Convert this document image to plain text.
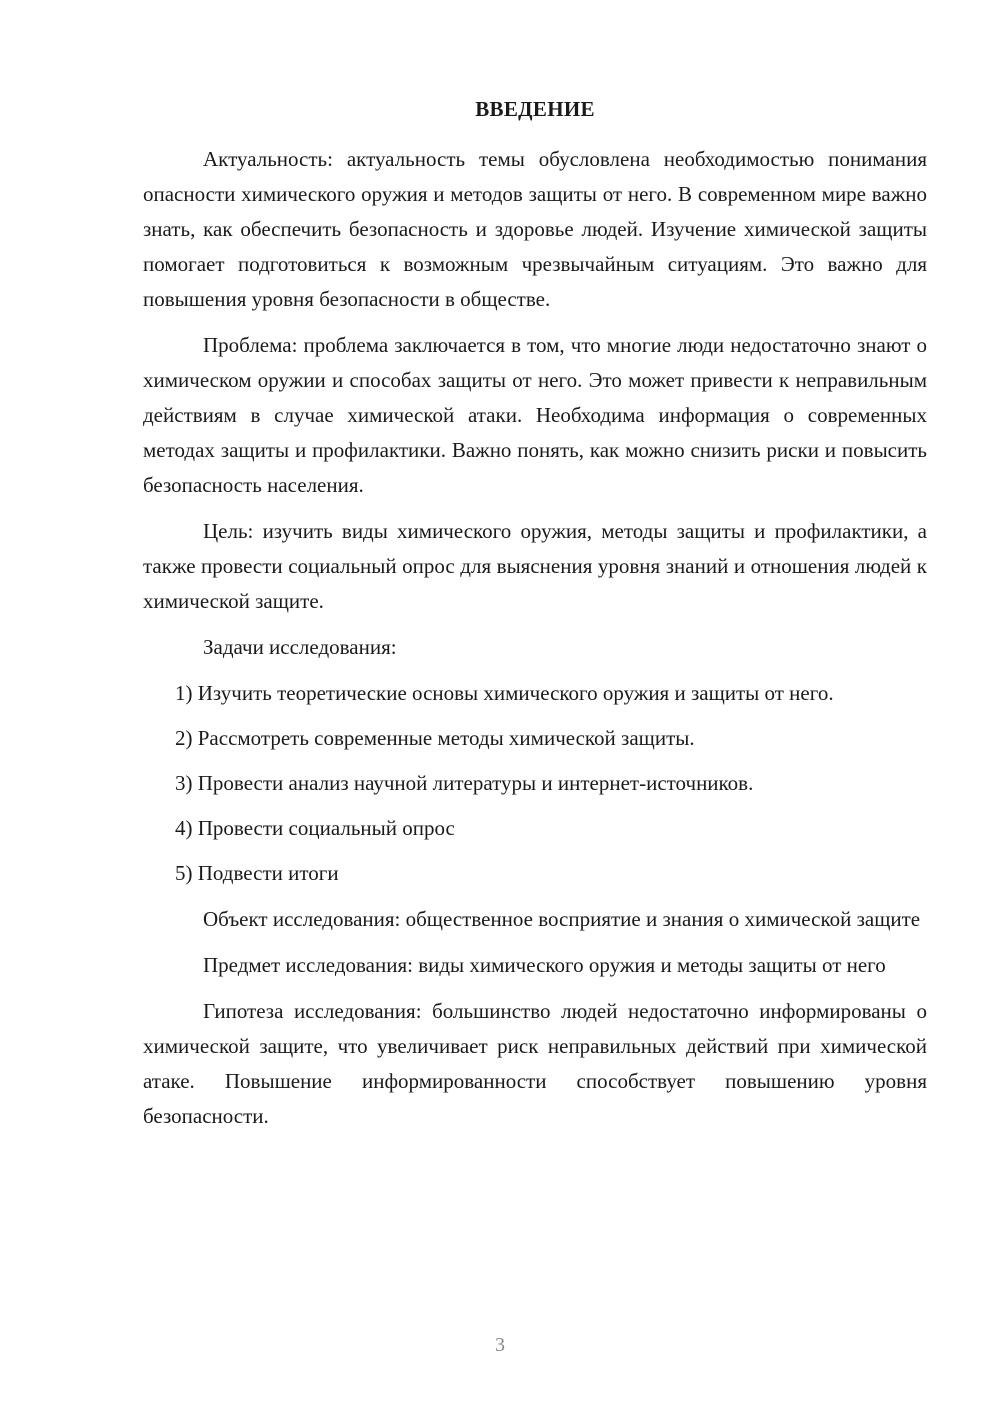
ВВЕДЕНИЕ

Актуальность: актуальность темы обусловлена необходимостью понимания опасности химического оружия и методов защиты от него. В современном мире важно знать, как обеспечить безопасность и здоровье людей. Изучение химической защиты помогает подготовиться к возможным чрезвычайным ситуациям. Это важно для повышения уровня безопасности в обществе.

Проблема: проблема заключается в том, что многие люди недостаточно знают о химическом оружии и способах защиты от него. Это может привести к неправильным действиям в случае химической атаки. Необходима информация о современных методах защиты и профилактики. Важно понять, как можно снизить риски и повысить безопасность населения.

Цель: изучить виды химического оружия, методы защиты и профилактики, а также провести социальный опрос для выяснения уровня знаний и отношения людей к химической защите.

Задачи исследования:

1) Изучить теоретические основы химического оружия и защиты от него.

2) Рассмотреть современные методы химической защиты.

3) Провести анализ научной литературы и интернет-источников.

4) Провести социальный опрос

5) Подвести итоги

Объект исследования: общественное восприятие и знания о химической защите

Предмет исследования: виды химического оружия и методы защиты от него

Гипотеза исследования: большинство людей недостаточно информированы о химической защите, что увеличивает риск неправильных действий при химической атаке. Повышение информированности способствует повышению уровня безопасности.

3
